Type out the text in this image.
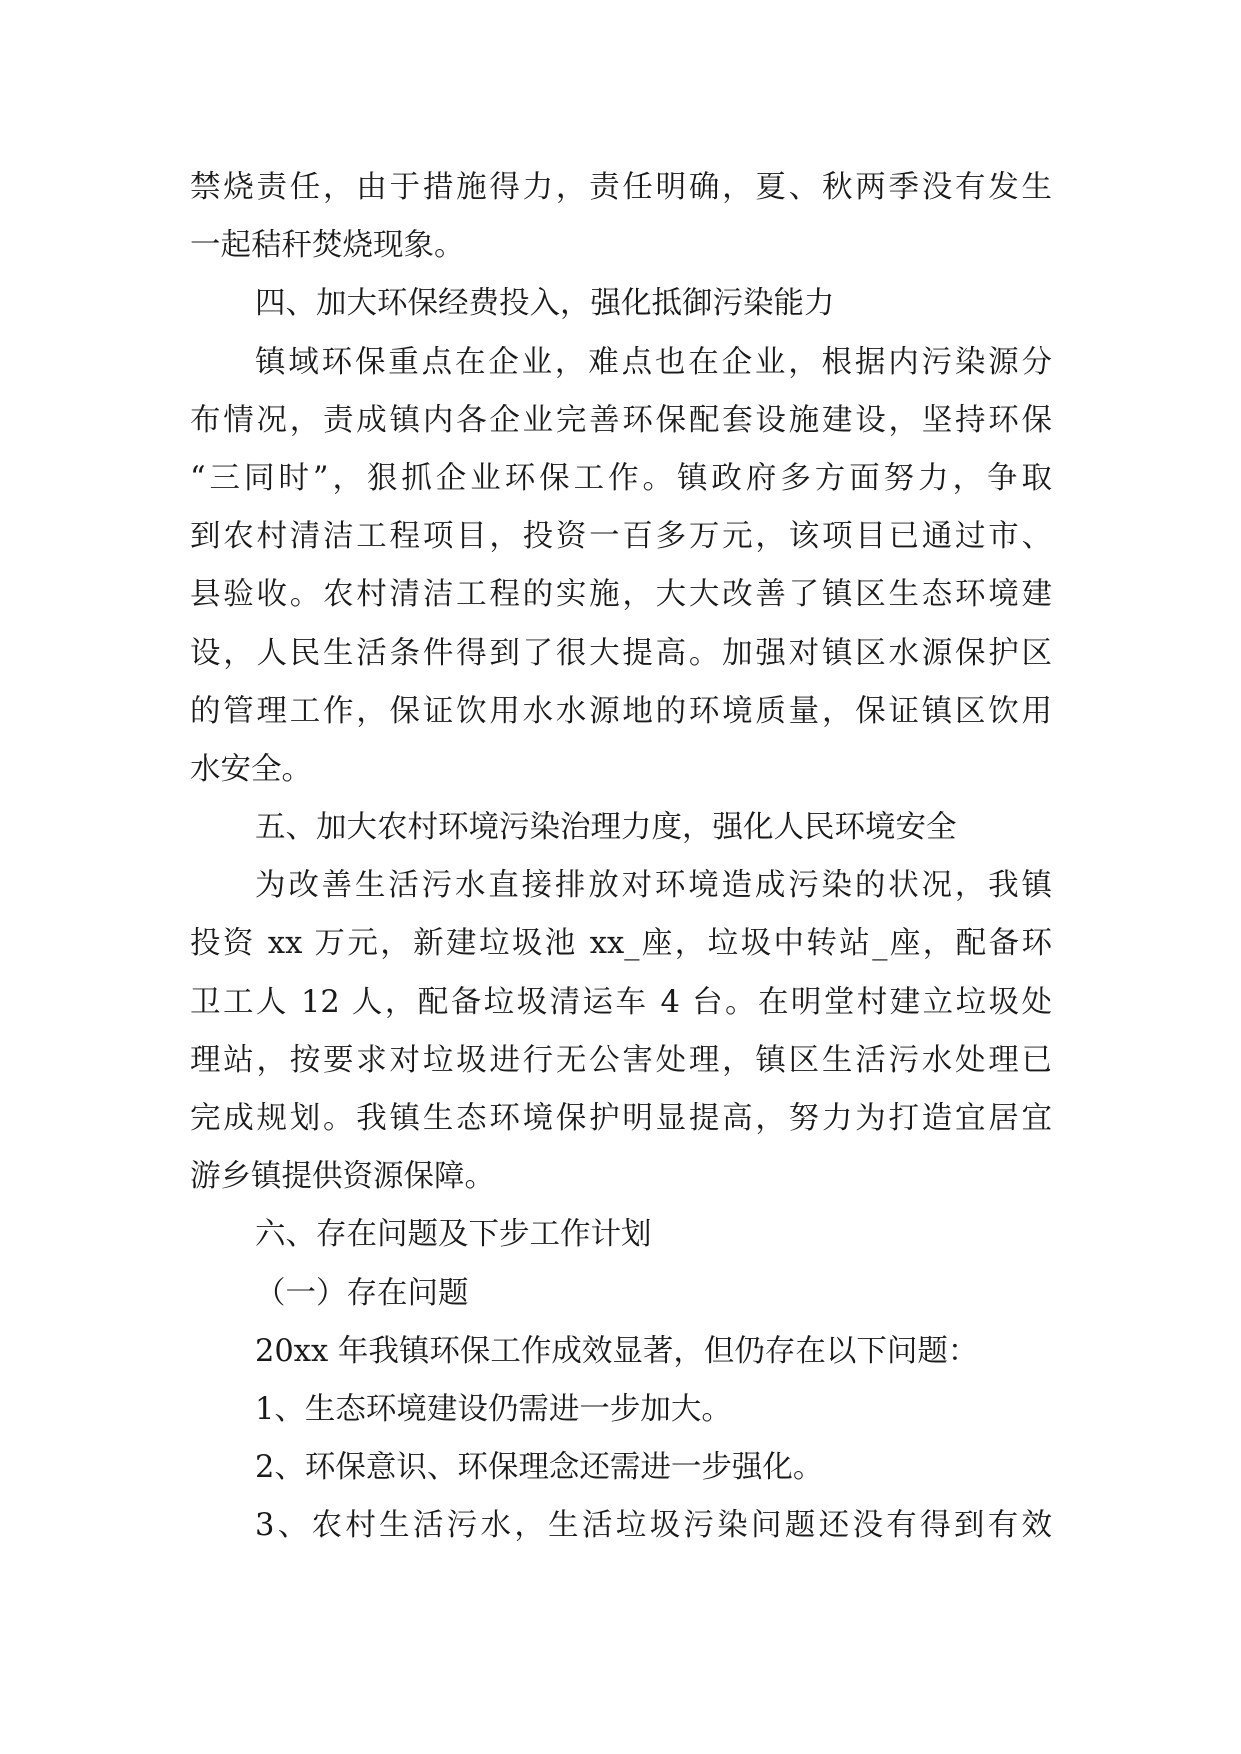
禁烧责任，由于措施得力，责任明确，夏、秋两季没有发生
一起秸秆焚烧现象。
四、加大环保经费投入，强化抵御污染能力
镇域环保重点在企业，难点也在企业，根据内污染源分
布情况，责成镇内各企业完善环保配套设施建设，坚持环保
“三同时”，狠抓企业环保工作。镇政府多方面努力，争取
到农村清洁工程项目，投资一百多万元，该项目已通过市、
县验收。农村清洁工程的实施，大大改善了镇区生态环境建
设，人民生活条件得到了很大提高。加强对镇区水源保护区
的管理工作，保证饮用水水源地的环境质量，保证镇区饮用
水安全。
五、加大农村环境污染治理力度，强化人民环境安全
为改善生活污水直接排放对环境造成污染的状况，我镇
投资 xx 万元，新建垃圾池 xx_座，垃圾中转站_座，配备环
卫工人 12 人，配备垃圾清运车 4 台。在明堂村建立垃圾处
理站，按要求对垃圾进行无公害处理，镇区生活污水处理已
完成规划。我镇生态环境保护明显提高，努力为打造宜居宜
游乡镇提供资源保障。
六、存在问题及下步工作计划
（一）存在问题
20xx 年我镇环保工作成效显著，但仍存在以下问题：
1、生态环境建设仍需进一步加大。
2、环保意识、环保理念还需进一步强化。
3、农村生活污水，生活垃圾污染问题还没有得到有效
